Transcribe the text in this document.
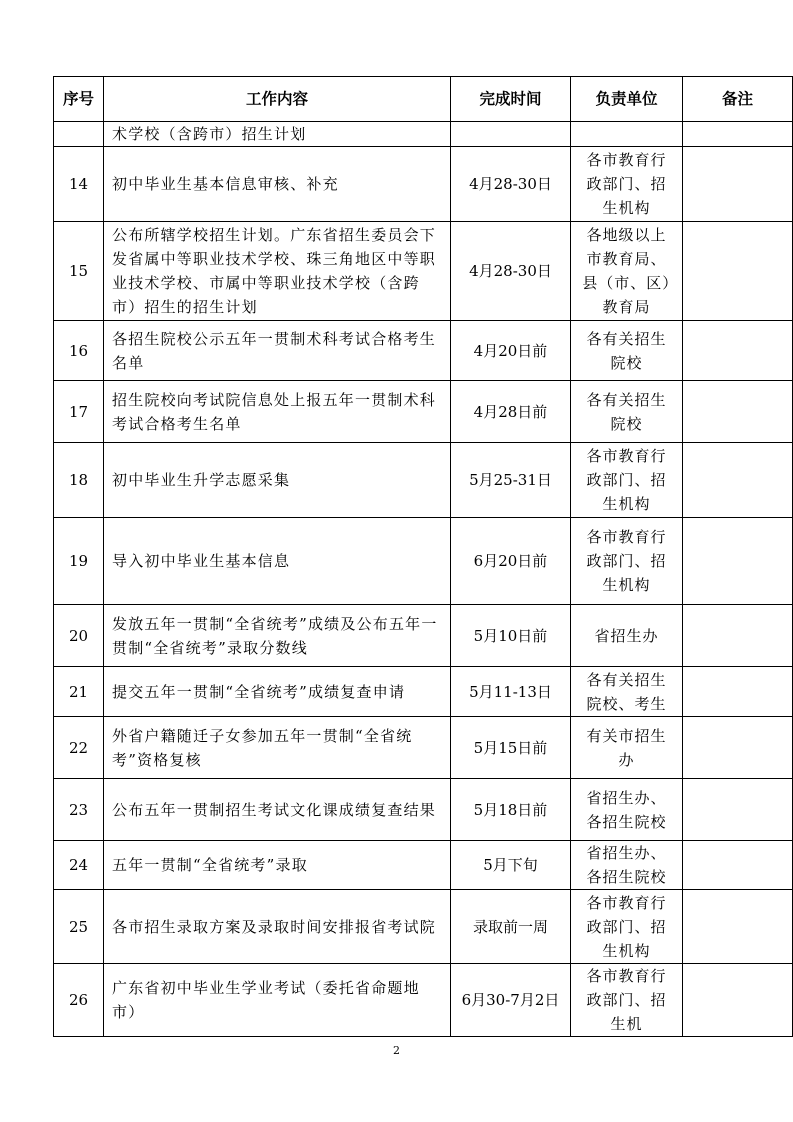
序号	工作内容	完成时间	负责单位	备注
	术学校（含跨市）招生计划			
14	初中毕业生基本信息审核、补充	4月28-30日	各市教育行政部门、招生机构	
15	公布所辖学校招生计划。广东省招生委员会下发省属中等职业技术学校、珠三角地区中等职业技术学校、市属中等职业技术学校（含跨市）招生的招生计划	4月28-30日	各地级以上市教育局、县（市、区）教育局	
16	各招生院校公示五年一贯制术科考试合格考生名单	4月20日前	各有关招生院校	
17	招生院校向考试院信息处上报五年一贯制术科考试合格考生名单	4月28日前	各有关招生院校	
18	初中毕业生升学志愿采集	5月25-31日	各市教育行政部门、招生机构	
19	导入初中毕业生基本信息	6月20日前	各市教育行政部门、招生机构	
20	发放五年一贯制“全省统考”成绩及公布五年一贯制“全省统考”录取分数线	5月10日前	省招生办	
21	提交五年一贯制“全省统考”成绩复查申请	5月11-13日	各有关招生院校、考生	
22	外省户籍随迁子女参加五年一贯制“全省统考”资格复核	5月15日前	有关市招生办	
23	公布五年一贯制招生考试文化课成绩复查结果	5月18日前	省招生办、各招生院校	
24	五年一贯制“全省统考”录取	5月下旬	省招生办、各招生院校	
25	各市招生录取方案及录取时间安排报省考试院	录取前一周	各市教育行政部门、招生机构	
26	广东省初中毕业生学业考试（委托省命题地市）	6月30-7月2日	各市教育行政部门、招生机	
2
